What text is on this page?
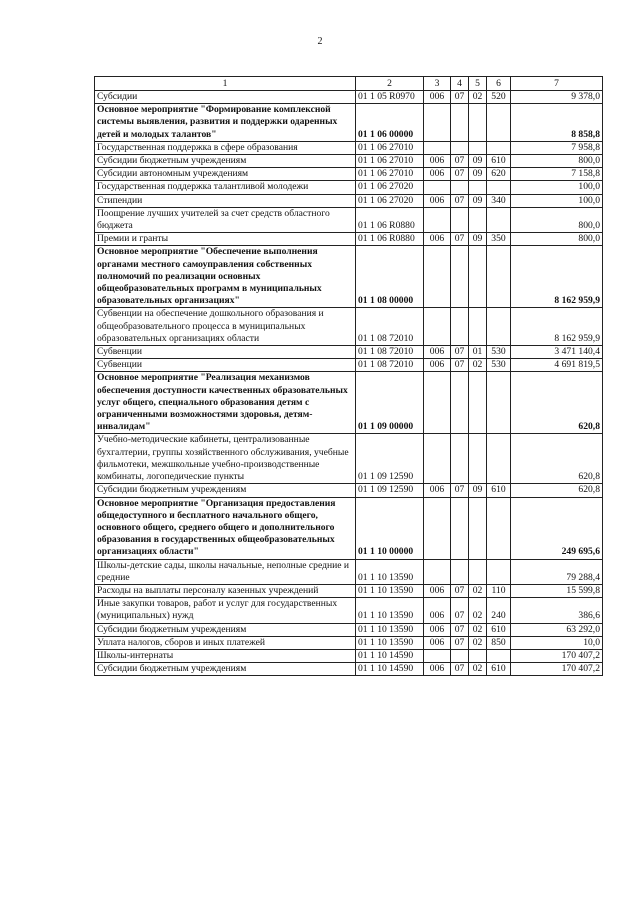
2
1	2	3	4	5	6	7
Субсидии	01 1 05 R0970	006	07	02	520	9 378,0
Основное мероприятие "Формирование комплексной системы выявления, развития и поддержки одаренных детей и молодых талантов"	01 1 06 00000					8 858,8
Государственная поддержка в сфере образования	01 1 06 27010					7 958,8
Субсидии бюджетным учреждениям	01 1 06 27010	006	07	09	610	800,0
Субсидии автономным учреждениям	01 1 06 27010	006	07	09	620	7 158,8
Государственная поддержка талантливой молодежи	01 1 06 27020					100,0
Стипендии	01 1 06 27020	006	07	09	340	100,0
Поощрение лучших учителей за счет средств областного бюджета	01 1 06 R0880					800,0
Премии и гранты	01 1 06 R0880	006	07	09	350	800,0
Основное мероприятие "Обеспечение выполнения органами местного самоуправления собственных полномочий по реализации основных общеобразовательных программ в муниципальных образовательных организациях"	01 1 08 00000					8 162 959,9
Субвенции на обеспечение дошкольного образования и общеобразовательного процесса в муниципальных образовательных организациях области	01 1 08 72010					8 162 959,9
Субвенции	01 1 08 72010	006	07	01	530	3 471 140,4
Субвенции	01 1 08 72010	006	07	02	530	4 691 819,5
Основное мероприятие "Реализация механизмов обеспечения доступности качественных образовательных услуг общего, специального образования детям с ограниченными возможностями здоровья, детям-инвалидам"	01 1 09 00000					620,8
Учебно-методические кабинеты, централизованные бухгалтерии, группы хозяйственного обслуживания, учебные фильмотеки, межшкольные учебно-производственные комбинаты, логопедические пункты	01 1 09 12590					620,8
Субсидии бюджетным учреждениям	01 1 09 12590	006	07	09	610	620,8
Основное мероприятие "Организация предоставления общедоступного и бесплатного начального общего, основного общего, среднего общего и дополнительного образования в государственных общеобразовательных организациях области"	01 1 10 00000					249 695,6
Школы-детские сады, школы начальные, неполные средние и средние	01 1 10 13590					79 288,4
Расходы на выплаты персоналу казенных учреждений	01 1 10 13590	006	07	02	110	15 599,8
Иные закупки товаров, работ и услуг для государственных (муниципальных) нужд	01 1 10 13590	006	07	02	240	386,6
Субсидии бюджетным учреждениям	01 1 10 13590	006	07	02	610	63 292,0
Уплата налогов, сборов и иных платежей	01 1 10 13590	006	07	02	850	10,0
Школы-интернаты	01 1 10 14590					170 407,2
Субсидии бюджетным учреждениям	01 1 10 14590	006	07	02	610	170 407,2
